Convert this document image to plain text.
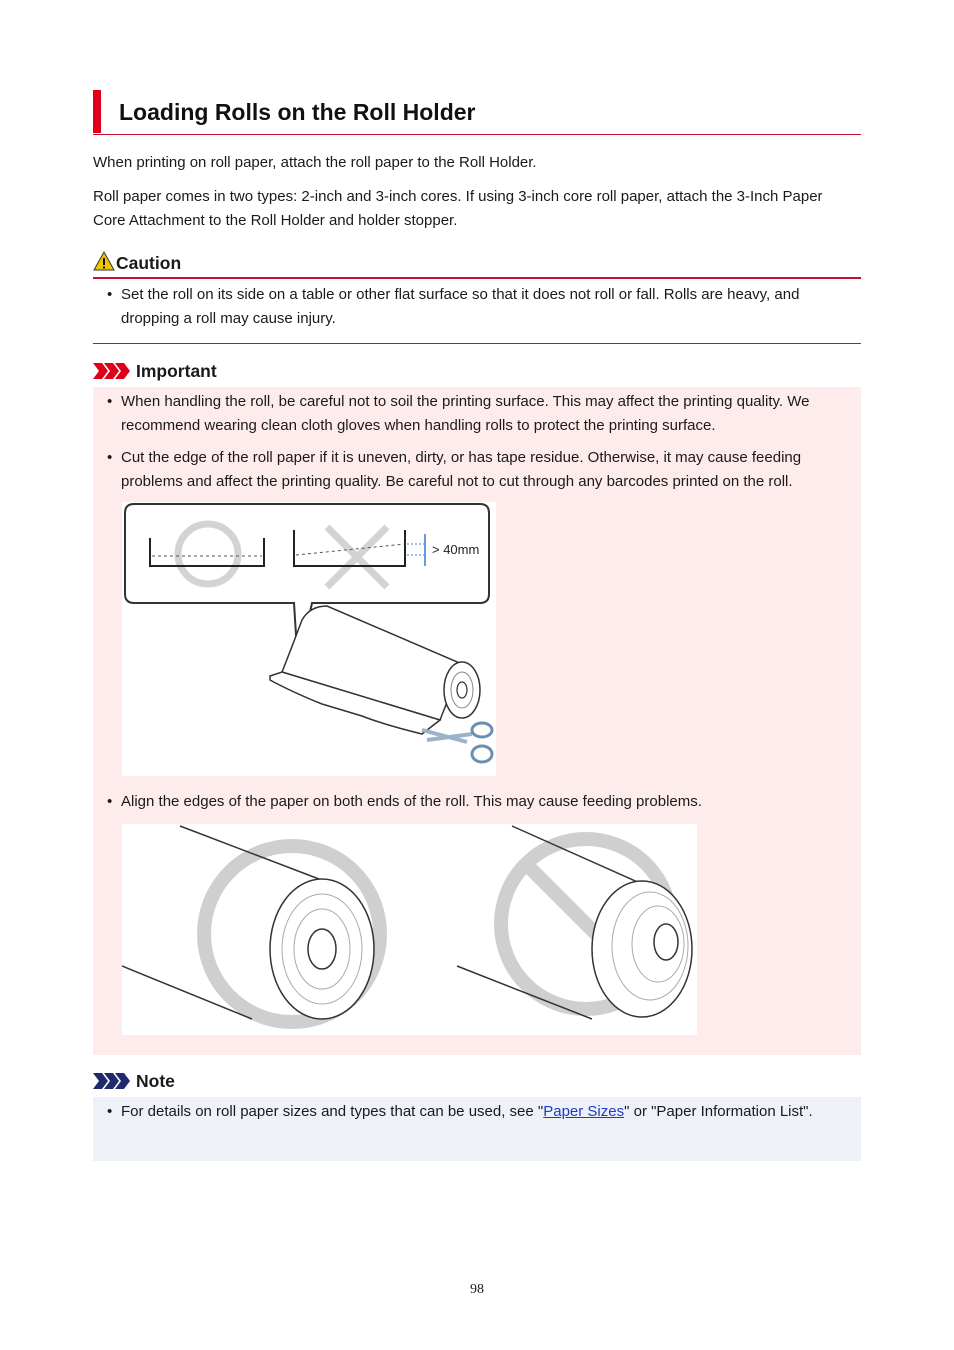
Loading Rolls on the Roll Holder
When printing on roll paper, attach the roll paper to the Roll Holder.
Roll paper comes in two types: 2-inch and 3-inch cores. If using 3-inch core roll paper, attach the 3-Inch Paper Core Attachment to the Roll Holder and holder stopper.
Caution
• Set the roll on its side on a table or other flat surface so that it does not roll or fall. Rolls are heavy, and dropping a roll may cause injury.
Important
• When handling the roll, be careful not to soil the printing surface. This may affect the printing quality. We recommend wearing clean cloth gloves when handling rolls to protect the printing surface.
• Cut the edge of the roll paper if it is uneven, dirty, or has tape residue. Otherwise, it may cause feeding problems and affect the printing quality. Be careful not to cut through any barcodes printed on the roll.
> 40mm
• Align the edges of the paper on both ends of the roll. This may cause feeding problems.
Note
• For details on roll paper sizes and types that can be used, see "Paper Sizes" or "Paper Information List".
98
